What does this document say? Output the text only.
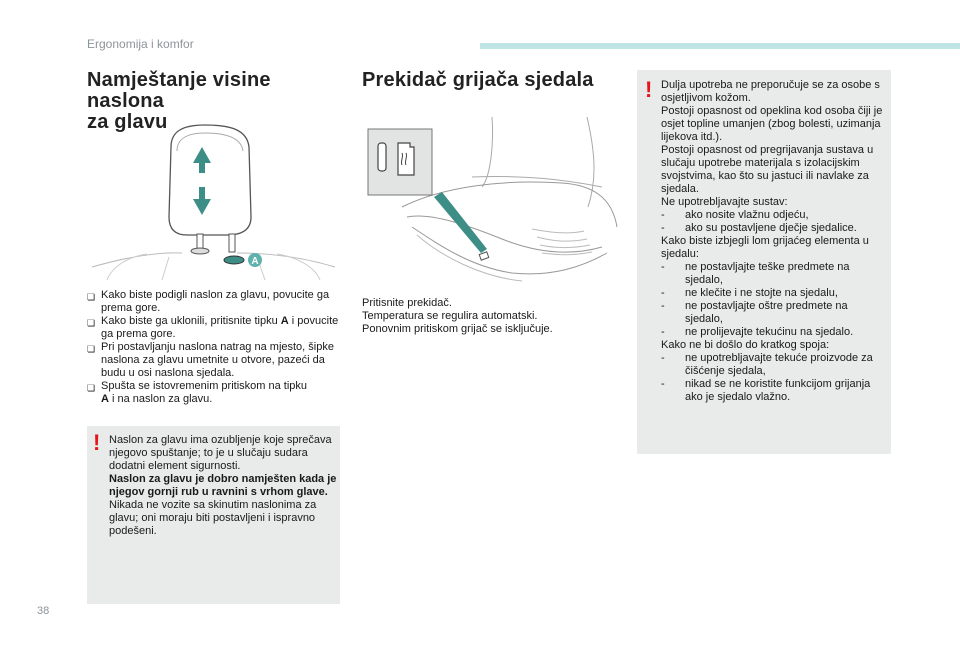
Ergonomija i komfor
Namještanje visine naslona
za glavu
A
❏ Kako biste podigli naslon za glavu, povucite ga prema gore.
❏ Kako biste ga uklonili, pritisnite tipku A i povucite ga prema gore.
❏ Pri postavljanju naslona natrag na mjesto, šipke naslona za glavu umetnite u otvore, pazeći da budu u osi naslona sjedala.
❏ Spušta se istovremenim pritiskom na tipku
A i na naslon za glavu.
! Naslon za glavu ima ozubljenje koje sprečava njegovo spuštanje; to je u slučaju sudara dodatni element sigurnosti.

Naslon za glavu je dobro namješten kada je njegov gornji rub u ravnini s vrhom glave.

Nikada ne vozite sa skinutim naslonima za glavu; oni moraju biti postavljeni i ispravno podešeni.

Prekidač grijača sjedala

Pritisnite prekidač.

Temperatura se regulira automatski.

Ponovnim pritiskom grijač se isključuje.

! Dulja upotreba ne preporučuje se za osobe s osjetljivom kožom.

Postoji opasnost od opeklina kod osoba čiji je osjet topline umanjen (zbog bolesti, uzimanja lijekova itd.).

Postoji opasnost od pregrijavanja sustava u slučaju upotrebe materijala s izolacijskim svojstvima, kao što su jastuci ili navlake za sjedala.

Ne upotrebljavajte sustav:

-	ako nosite vlažnu odjeću,
-	ako su postavljene dječje sjedalice.

Kako biste izbjegli lom grijaćeg elementa u sjedalu:

-	ne postavljajte teške predmete na sjedalo,
-	ne klečite i ne stojte na sjedalu,
-	ne postavljajte oštre predmete na sjedalo,
-	ne prolijevajte tekućinu na sjedalo.

Kako ne bi došlo do kratkog spoja:

-	ne upotrebljavajte tekuće proizvode za čišćenje sjedala,
-	nikad se ne koristite funkcijom grijanja ako je sjedalo vlažno.
38
